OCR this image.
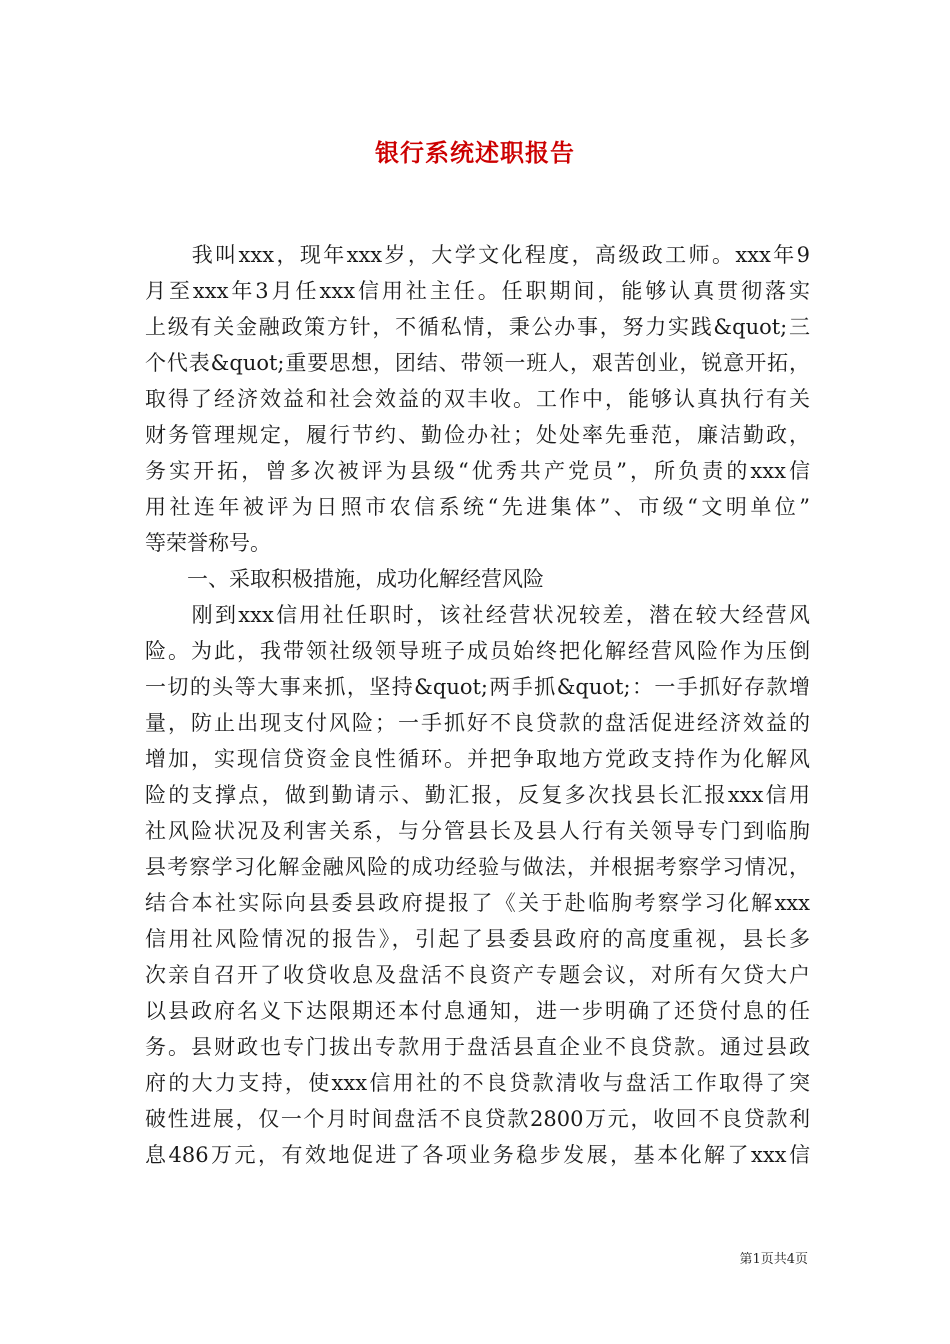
银行系统述职报告
　　我叫xxx，现年xxx岁，大学文化程度，高级政工师。xxx年9
月至xxx年3月任xxx信用社主任。任职期间，能够认真贯彻落实
上级有关金融政策方针，不循私情，秉公办事，努力实践&quot;三
个代表&quot;重要思想，团结、带领一班人，艰苦创业，锐意开拓，
取得了经济效益和社会效益的双丰收。工作中，能够认真执行有关
财务管理规定，履行节约、勤俭办社；处处率先垂范，廉洁勤政，
务实开拓，曾多次被评为县级“优秀共产党员”，所负责的xxx信
用社连年被评为日照市农信系统“先进集体”、市级“文明单位”
等荣誉称号。
　　一、采取积极措施，成功化解经营风险
　　刚到xxx信用社任职时，该社经营状况较差，潜在较大经营风
险。为此，我带领社级领导班子成员始终把化解经营风险作为压倒
一切的头等大事来抓，坚持&quot;两手抓&quot;：一手抓好存款增
量，防止出现支付风险；一手抓好不良贷款的盘活促进经济效益的
增加，实现信贷资金良性循环。并把争取地方党政支持作为化解风
险的支撑点，做到勤请示、勤汇报，反复多次找县长汇报xxx信用
社风险状况及利害关系，与分管县长及县人行有关领导专门到临朐
县考察学习化解金融风险的成功经验与做法，并根据考察学习情况，
结合本社实际向县委县政府提报了《关于赴临朐考察学习化解xxx
信用社风险情况的报告》，引起了县委县政府的高度重视，县长多
次亲自召开了收贷收息及盘活不良资产专题会议，对所有欠贷大户
以县政府名义下达限期还本付息通知，进一步明确了还贷付息的任
务。县财政也专门拔出专款用于盘活县直企业不良贷款。通过县政
府的大力支持，使xxx信用社的不良贷款清收与盘活工作取得了突
破性进展，仅一个月时间盘活不良贷款2800万元，收回不良贷款利
息486万元，有效地促进了各项业务稳步发展，基本化解了xxx信
第1页共4页
